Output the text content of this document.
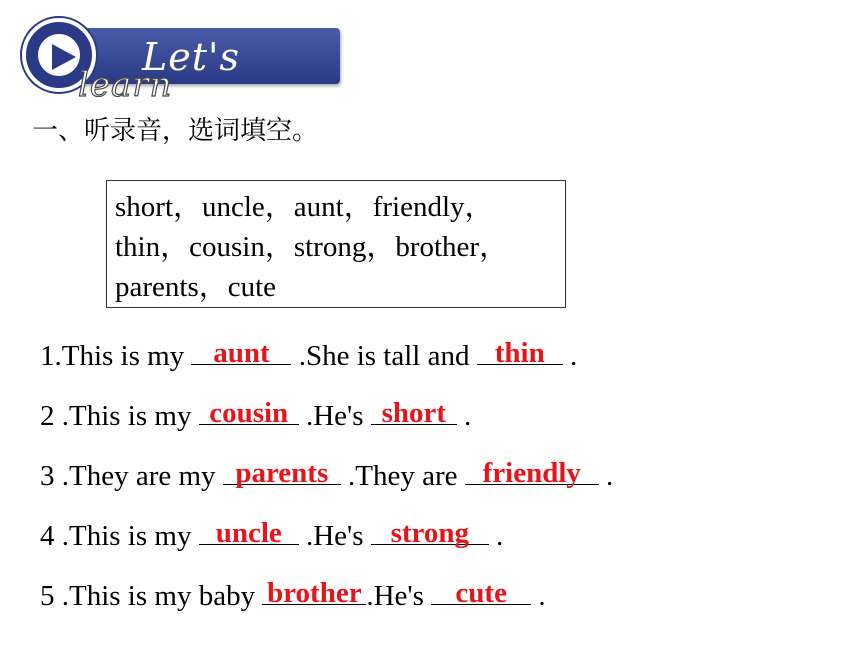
Let's
learn
一、听录音，选词填空。
short，uncle，aunt，friendly，
thin，cousin，strong，brother，
parents，cute
1.This is my aunt .She is tall and thin .
2 .This is my cousin .He's short .
3 .They are my parents .They are friendly .
4 .This is my uncle .He's strong .
5 .This is my baby brother .He's cute .
